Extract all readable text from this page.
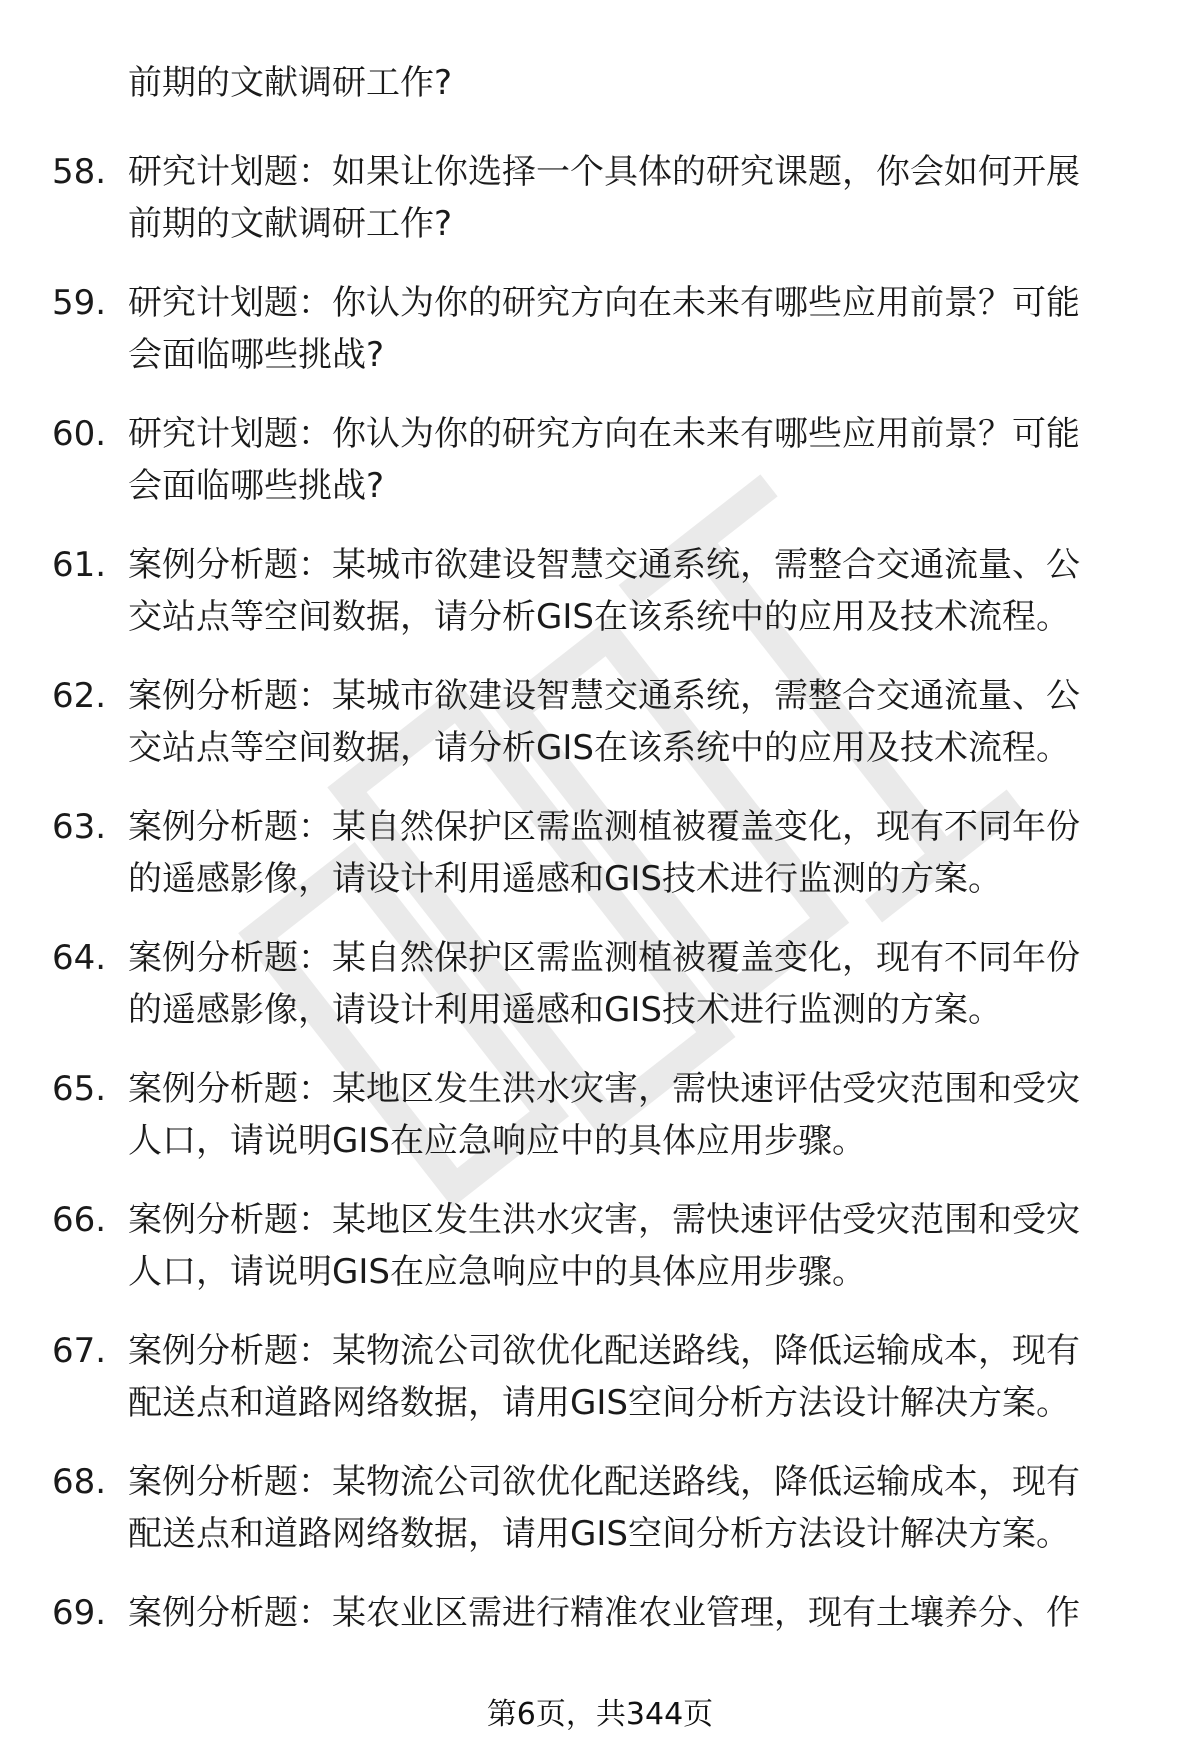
前期的文献调研工作?
58. 研究计划题：如果让你选择一个具体的研究课题，你会如何开展
前期的文献调研工作?
59. 研究计划题：你认为你的研究方向在未来有哪些应用前景？可能
会面临哪些挑战?
60. 研究计划题：你认为你的研究方向在未来有哪些应用前景？可能
会面临哪些挑战?
61. 案例分析题：某城市欲建设智慧交通系统，需整合交通流量、公
交站点等空间数据，请分析GIS在该系统中的应用及技术流程。
62. 案例分析题：某城市欲建设智慧交通系统，需整合交通流量、公
交站点等空间数据，请分析GIS在该系统中的应用及技术流程。
63. 案例分析题：某自然保护区需监测植被覆盖变化，现有不同年份
的遥感影像，请设计利用遥感和GIS技术进行监测的方案。
64. 案例分析题：某自然保护区需监测植被覆盖变化，现有不同年份
的遥感影像，请设计利用遥感和GIS技术进行监测的方案。
65. 案例分析题：某地区发生洪水灾害，需快速评估受灾范围和受灾
人口，请说明GIS在应急响应中的具体应用步骤。
66. 案例分析题：某地区发生洪水灾害，需快速评估受灾范围和受灾
人口，请说明GIS在应急响应中的具体应用步骤。
67. 案例分析题：某物流公司欲优化配送路线，降低运输成本，现有
配送点和道路网络数据，请用GIS空间分析方法设计解决方案。
68. 案例分析题：某物流公司欲优化配送路线，降低运输成本，现有
配送点和道路网络数据，请用GIS空间分析方法设计解决方案。
69. 案例分析题：某农业区需进行精准农业管理，现有土壤养分、作
第6页，共344页
